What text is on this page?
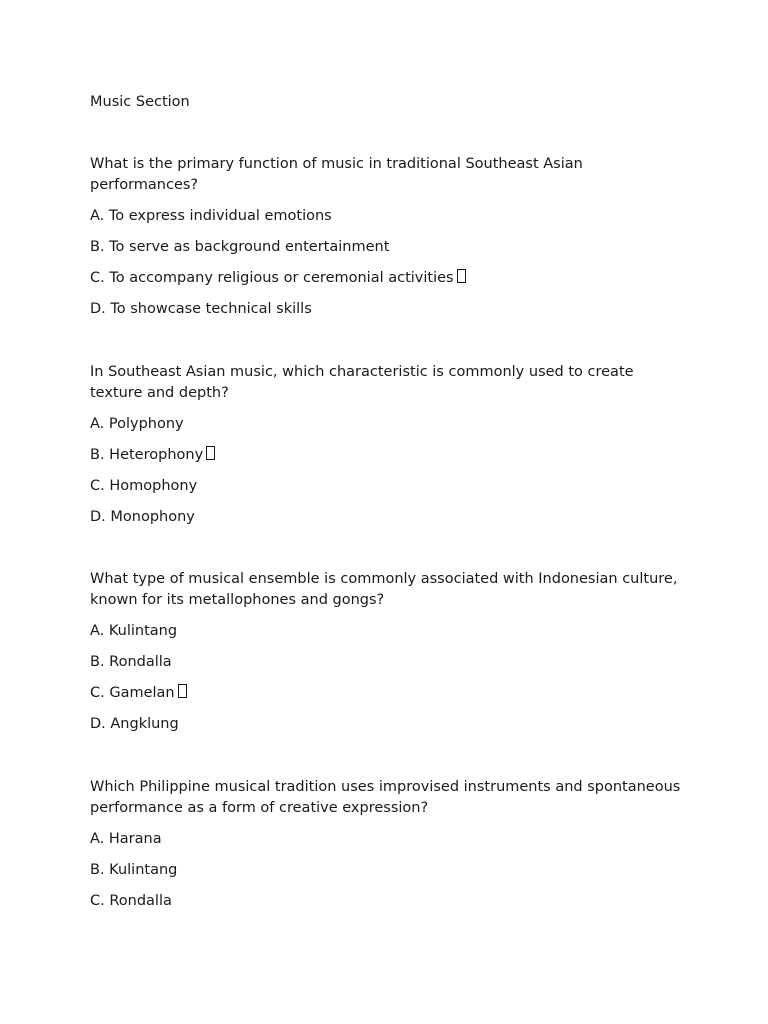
Music Section

What is the primary function of music in traditional Southeast Asian performances?

A. To express individual emotions

B. To serve as background entertainment

C. To accompany religious or ceremonial activities

D. To showcase technical skills

In Southeast Asian music, which characteristic is commonly used to create texture and depth?

A. Polyphony

B. Heterophony

C. Homophony

D. Monophony

What type of musical ensemble is commonly associated with Indonesian culture, known for its metallophones and gongs?

A. Kulintang

B. Rondalla

C. Gamelan

D. Angklung

Which Philippine musical tradition uses improvised instruments and spontaneous performance as a form of creative expression?

A. Harana

B. Kulintang

C. Rondalla
